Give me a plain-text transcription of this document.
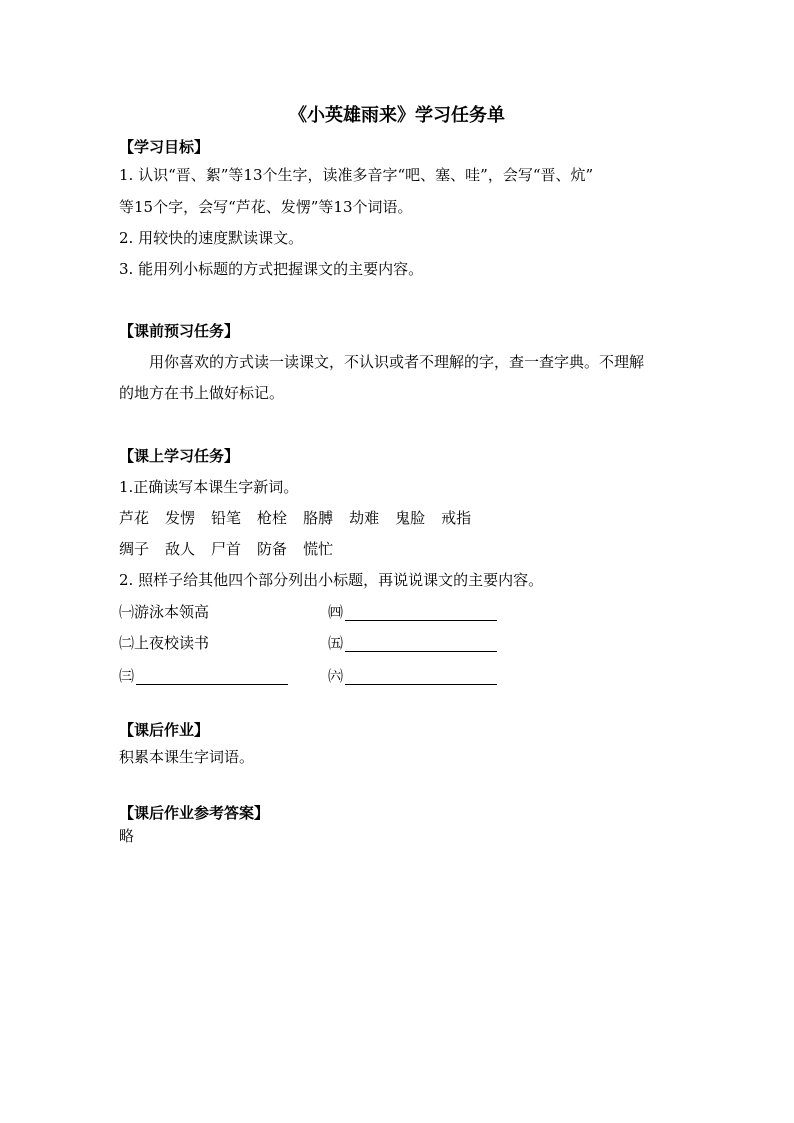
《小英雄雨来》学习任务单
【学习目标】
1. 认识“晋、絮”等13个生字，读准多音字“吧、塞、哇”，会写“晋、炕”
等15个字，会写“芦花、发愣”等13个词语。
2. 用较快的速度默读课文。
3. 能用列小标题的方式把握课文的主要内容。
【课前预习任务】
用你喜欢的方式读一读课文，不认识或者不理解的字，查一查字典。不理解
的地方在书上做好标记。
【课上学习任务】
1.正确读写本课生字新词。
芦花 发愣 铅笔 枪栓 胳膊 劫难 鬼脸 戒指
绸子 敌人 尸首 防备 慌忙
2. 照样子给其他四个部分列出小标题，再说说课文的主要内容。
㈠ 游泳本领高	㈣
㈡ 上夜校读书	㈤
㈢	㈥
【课后作业】
积累本课生字词语。
【课后作业参考答案】
略
